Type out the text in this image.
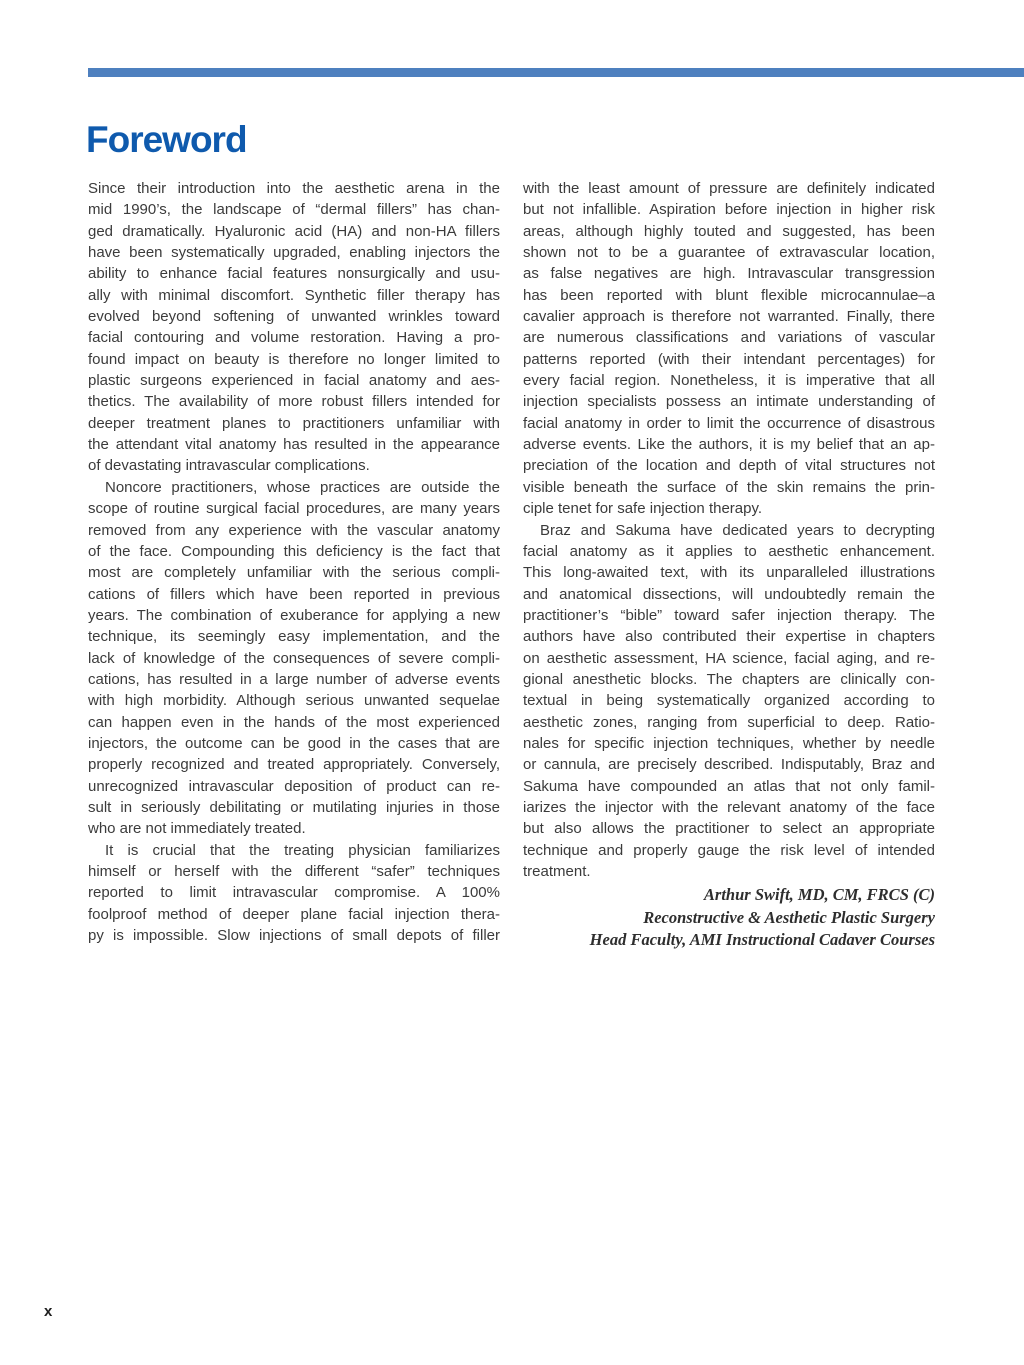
Foreword
Since their introduction into the aesthetic arena in the
mid 1990’s, the landscape of “dermal fillers” has chan-
ged dramatically. Hyaluronic acid (HA) and non-HA fillers
have been systematically upgraded, enabling injectors the
ability to enhance facial features nonsurgically and usu-
ally with minimal discomfort. Synthetic filler therapy has
evolved beyond softening of unwanted wrinkles toward
facial contouring and volume restoration. Having a pro-
found impact on beauty is therefore no longer limited to
plastic surgeons experienced in facial anatomy and aes-
thetics. The availability of more robust fillers intended for
deeper treatment planes to practitioners unfamiliar with
the attendant vital anatomy has resulted in the appearance
of devastating intravascular complications.
Noncore practitioners, whose practices are outside the
scope of routine surgical facial procedures, are many years
removed from any experience with the vascular anatomy
of the face. Compounding this deficiency is the fact that
most are completely unfamiliar with the serious compli-
cations of fillers which have been reported in previous
years. The combination of exuberance for applying a new
technique, its seemingly easy implementation, and the
lack of knowledge of the consequences of severe compli-
cations, has resulted in a large number of adverse events
with high morbidity. Although serious unwanted sequelae
can happen even in the hands of the most experienced
injectors, the outcome can be good in the cases that are
properly recognized and treated appropriately. Conversely,
unrecognized intravascular deposition of product can re-
sult in seriously debilitating or mutilating injuries in those
who are not immediately treated.
It is crucial that the treating physician familiarizes
himself or herself with the different “safer” techniques
reported to limit intravascular compromise. A 100%
foolproof method of deeper plane facial injection thera-
py is impossible. Slow injections of small depots of filler
with the least amount of pressure are definitely indicated
but not infallible. Aspiration before injection in higher risk
areas, although highly touted and suggested, has been
shown not to be a guarantee of extravascular location,
as false negatives are high. Intravascular transgression
has been reported with blunt flexible microcannulae–a
cavalier approach is therefore not warranted. Finally, there
are numerous classifications and variations of vascular
patterns reported (with their intendant percentages) for
every facial region. Nonetheless, it is imperative that all
injection specialists possess an intimate understanding of
facial anatomy in order to limit the occurrence of disastrous
adverse events. Like the authors, it is my belief that an ap-
preciation of the location and depth of vital structures not
visible beneath the surface of the skin remains the prin-
ciple tenet for safe injection therapy.
Braz and Sakuma have dedicated years to decrypting
facial anatomy as it applies to aesthetic enhancement.
This long-awaited text, with its unparalleled illustrations
and anatomical dissections, will undoubtedly remain the
practitioner’s “bible” toward safer injection therapy. The
authors have also contributed their expertise in chapters
on aesthetic assessment, HA science, facial aging, and re-
gional anesthetic blocks. The chapters are clinically con-
textual in being systematically organized according to
aesthetic zones, ranging from superficial to deep. Ratio-
nales for specific injection techniques, whether by needle
or cannula, are precisely described. Indisputably, Braz and
Sakuma have compounded an atlas that not only famil-
iarizes the injector with the relevant anatomy of the face
but also allows the practitioner to select an appropriate
technique and properly gauge the risk level of intended
treatment.
Arthur Swift, MD, CM, FRCS (C)
Reconstructive & Aesthetic Plastic Surgery
Head Faculty, AMI Instructional Cadaver Courses
x
